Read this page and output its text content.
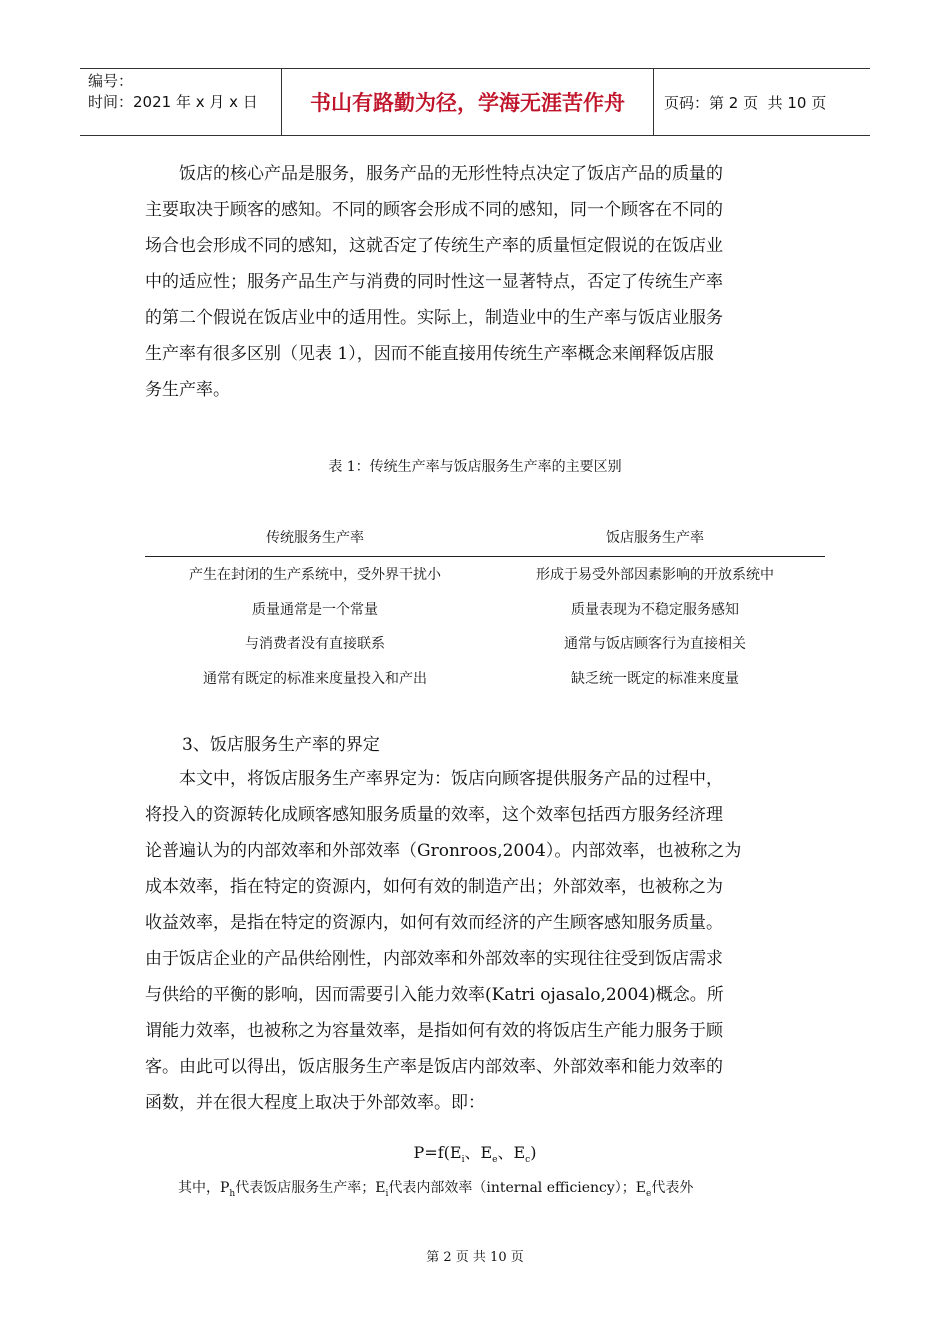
编号：
时间：2021 年 x 月 x 日	书山有路勤为径，学海无涯苦作舟	页码：第 2 页  共 10 页
　　饭店的核心产品是服务，服务产品的无形性特点决定了饭店产品的质量的
主要取决于顾客的感知。不同的顾客会形成不同的感知，同一个顾客在不同的
场合也会形成不同的感知，这就否定了传统生产率的质量恒定假说的在饭店业
中的适应性；服务产品生产与消费的同时性这一显著特点，否定了传统生产率
的第二个假说在饭店业中的适用性。实际上，制造业中的生产率与饭店业服务
生产率有很多区别（见表 1），因而不能直接用传统生产率概念来阐释饭店服
务生产率。
表 1：传统生产率与饭店服务生产率的主要区别
传统服务生产率	饭店服务生产率
产生在封闭的生产系统中，受外界干扰小	形成于易受外部因素影响的开放系统中
质量通常是一个常量	质量表现为不稳定服务感知
与消费者没有直接联系	通常与饭店顾客行为直接相关
通常有既定的标准来度量投入和产出	缺乏统一既定的标准来度量
3、饭店服务生产率的界定
　　本文中，将饭店服务生产率界定为：饭店向顾客提供服务产品的过程中，
将投入的资源转化成顾客感知服务质量的效率，这个效率包括西方服务经济理
论普遍认为的内部效率和外部效率（Gronroos,2004）。内部效率，也被称之为
成本效率，指在特定的资源内，如何有效的制造产出；外部效率，也被称之为
收益效率，是指在特定的资源内，如何有效而经济的产生顾客感知服务质量。
由于饭店企业的产品供给刚性，内部效率和外部效率的实现往往受到饭店需求
与供给的平衡的影响，因而需要引入能力效率(Katri ojasalo,2004)概念。所
谓能力效率，也被称之为容量效率，是指如何有效的将饭店生产能力服务于顾
客。由此可以得出，饭店服务生产率是饭店内部效率、外部效率和能力效率的
函数，并在很大程度上取决于外部效率。即：
$P=f(E_i$、$E_e$、$E_c$)
其中，$P_h$代表饭店服务生产率；$E_i$代表内部效率（internal efficiency）；$E_e$代表外
第 2 页 共 10 页
